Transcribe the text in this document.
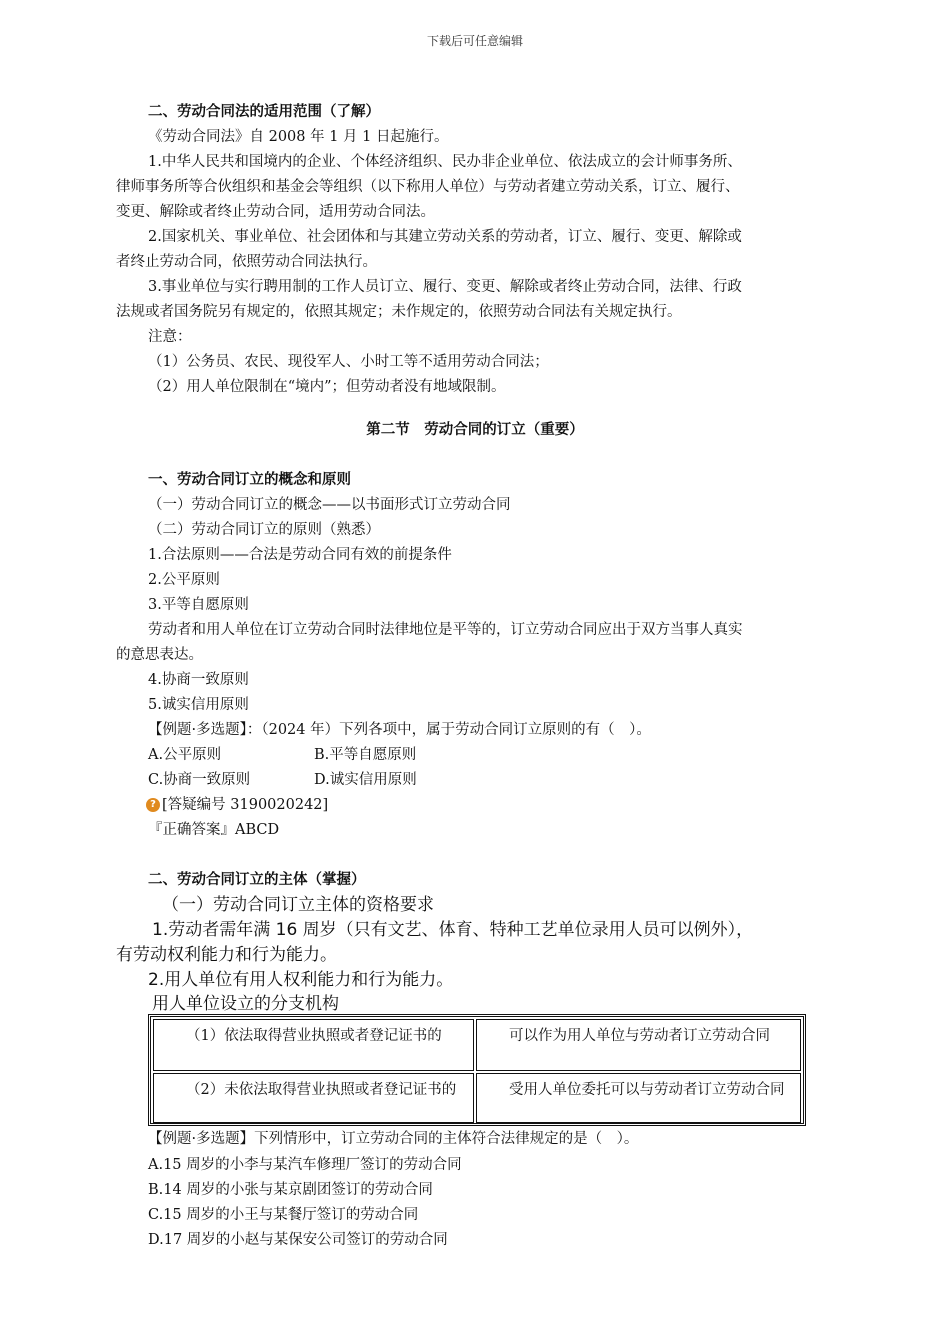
下载后可任意编辑
二、劳动合同法的适用范围（了解）
《劳动合同法》自 2008 年 1 月 1 日起施行。
1.中华人民共和国境内的企业、个体经济组织、民办非企业单位、依法成立的会计师事务所、
律师事务所等合伙组织和基金会等组织（以下称用人单位）与劳动者建立劳动关系，订立、履行、
变更、解除或者终止劳动合同，适用劳动合同法。
2.国家机关、事业单位、社会团体和与其建立劳动关系的劳动者，订立、履行、变更、解除或
者终止劳动合同，依照劳动合同法执行。
3.事业单位与实行聘用制的工作人员订立、履行、变更、解除或者终止劳动合同，法律、行政
法规或者国务院另有规定的，依照其规定；未作规定的，依照劳动合同法有关规定执行。
注意：
（1）公务员、农民、现役军人、小时工等不适用劳动合同法；
（2）用人单位限制在“境内”；但劳动者没有地域限制。
第二节　劳动合同的订立（重要）
一、劳动合同订立的概念和原则
（一）劳动合同订立的概念——以书面形式订立劳动合同
（二）劳动合同订立的原则（熟悉）
1.合法原则——合法是劳动合同有效的前提条件
2.公平原则
3.平等自愿原则
劳动者和用人单位在订立劳动合同时法律地位是平等的，订立劳动合同应出于双方当事人真实
的意思表达。
4.协商一致原则
5.诚实信用原则
【例题·多选题】：（2024 年）下列各项中，属于劳动合同订立原则的有（　）。
A.公平原则	B.平等自愿原则
C.协商一致原则	D.诚实信用原则
? [答疑编号 3190020242]
『正确答案』ABCD
二、劳动合同订立的主体（掌握）
（一）劳动合同订立主体的资格要求
1.劳动者需年满 16 周岁（只有文艺、体育、特种工艺单位录用人员可以例外），
有劳动权利能力和行为能力。
2.用人单位有用人权利能力和行为能力。
用人单位设立的分支机构
（1）依法取得营业执照或者登记证书的	可以作为用人单位与劳动者订立劳动合同
（2）未依法取得营业执照或者登记证书的	受用人单位委托可以与劳动者订立劳动合同
【例题·多选题】下列情形中，订立劳动合同的主体符合法律规定的是（　）。
A.15 周岁的小李与某汽车修理厂签订的劳动合同
B.14 周岁的小张与某京剧团签订的劳动合同
C.15 周岁的小王与某餐厅签订的劳动合同
D.17 周岁的小赵与某保安公司签订的劳动合同
